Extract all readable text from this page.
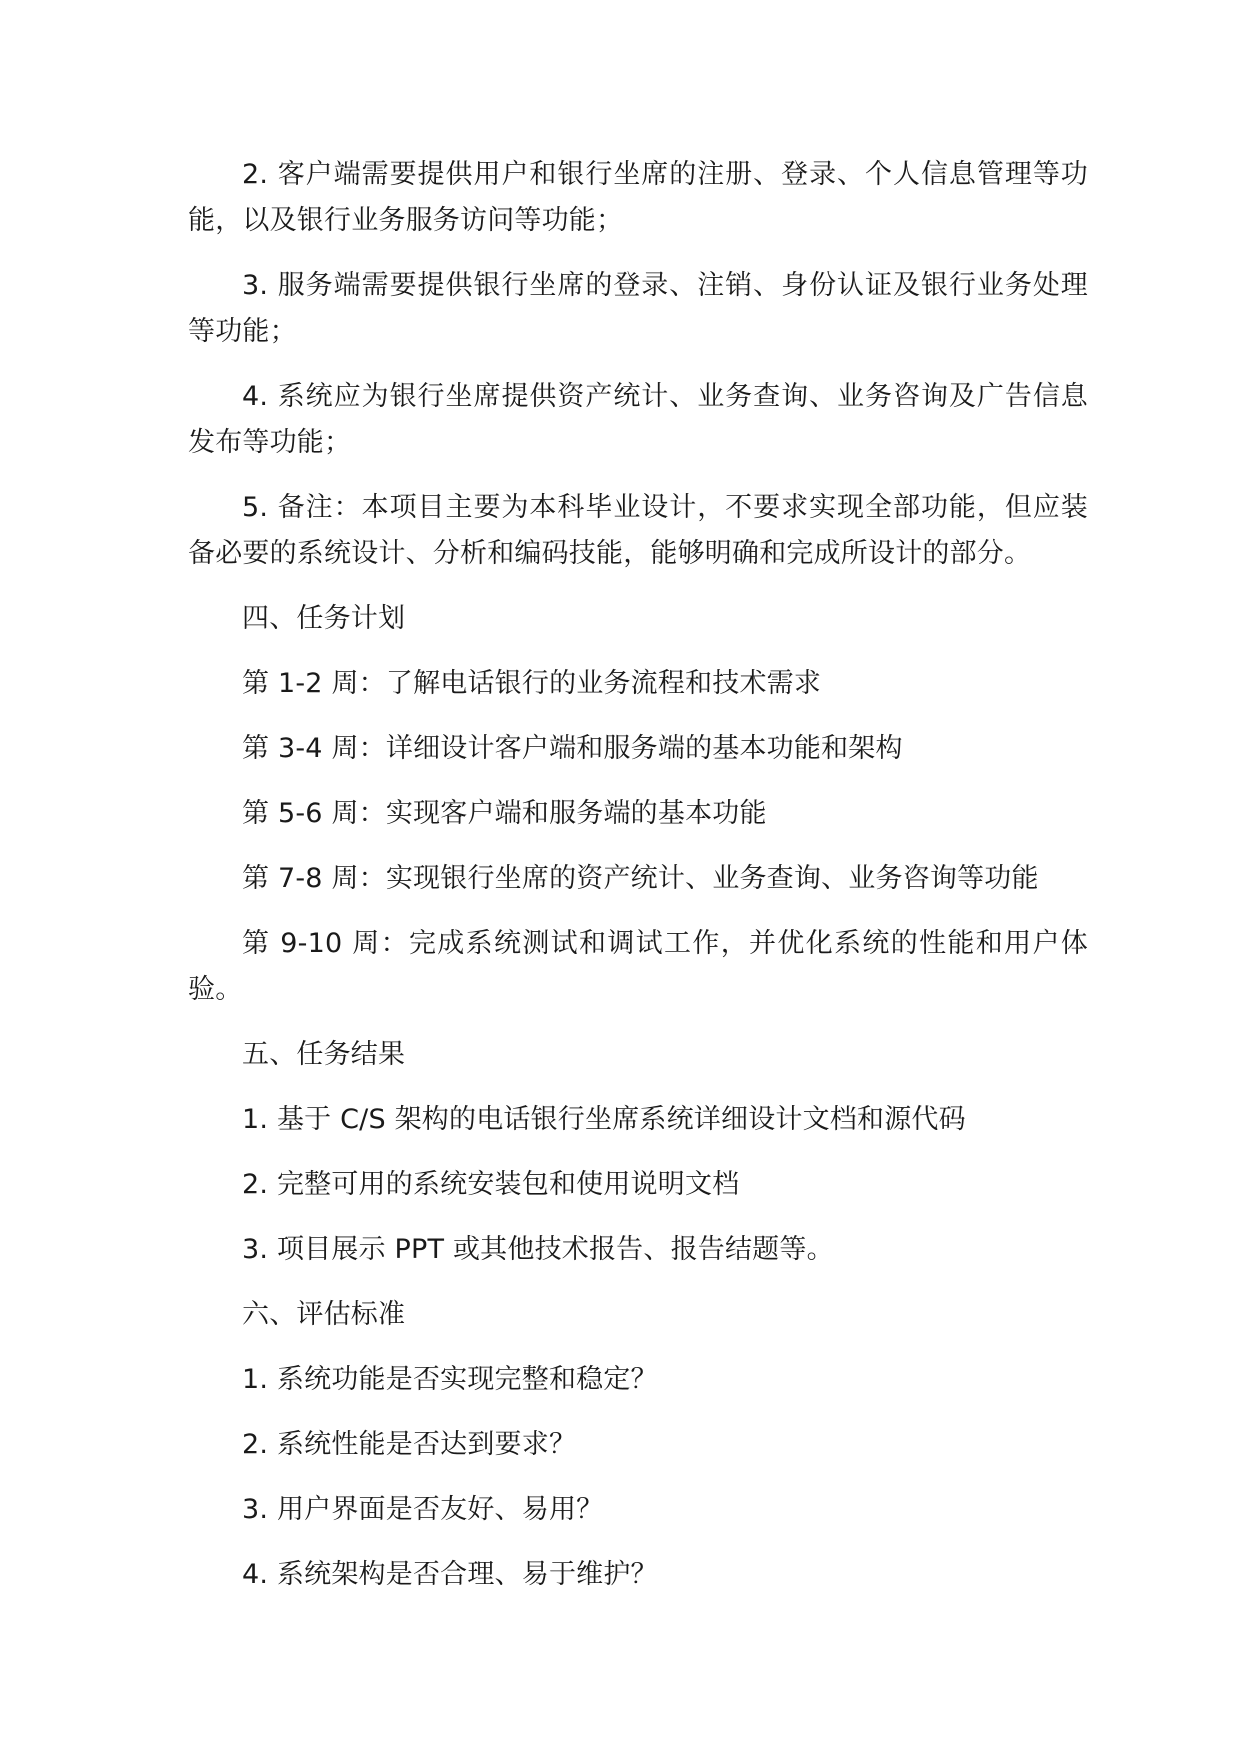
2. 客户端需要提供用户和银行坐席的注册、登录、个人信息管理等功能，以及银行业务服务访问等功能；

3. 服务端需要提供银行坐席的登录、注销、身份认证及银行业务处理等功能；

4. 系统应为银行坐席提供资产统计、业务查询、业务咨询及广告信息发布等功能；

5. 备注：本项目主要为本科毕业设计，不要求实现全部功能，但应装备必要的系统设计、分析和编码技能，能够明确和完成所设计的部分。

四、任务计划

第 1-2 周：了解电话银行的业务流程和技术需求

第 3-4 周：详细设计客户端和服务端的基本功能和架构

第 5-6 周：实现客户端和服务端的基本功能

第 7-8 周：实现银行坐席的资产统计、业务查询、业务咨询等功能

第 9-10 周：完成系统测试和调试工作，并优化系统的性能和用户体验。

五、任务结果

1. 基于 C/S 架构的电话银行坐席系统详细设计文档和源代码

2. 完整可用的系统安装包和使用说明文档

3. 项目展示 PPT 或其他技术报告、报告结题等。

六、评估标准

1. 系统功能是否实现完整和稳定？

2. 系统性能是否达到要求？

3. 用户界面是否友好、易用？

4. 系统架构是否合理、易于维护？
